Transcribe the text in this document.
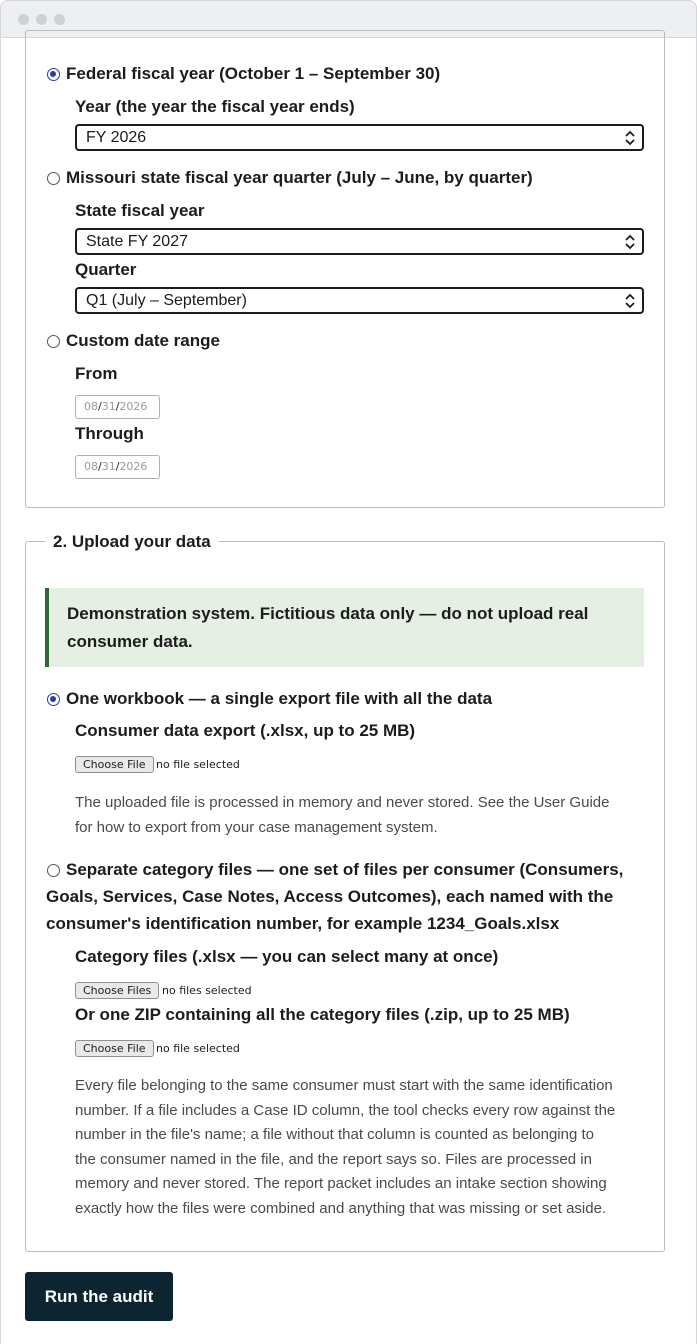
Federal fiscal year (October 1 – September 30)
Year (the year the fiscal year ends)
FY 2026
Missouri state fiscal year quarter (July – June, by quarter)
State fiscal year
State FY 2027
Quarter
Q1 (July – September)
Custom date range
From
08/31/2026
Through
08/31/2026
2. Upload your data
Demonstration system. Fictitious data only — do not upload real
consumer data.
One workbook — a single export file with all the data
Consumer data export (.xlsx, up to 25 MB)
Choose File no file selected
The uploaded file is processed in memory and never stored. See the User Guide
for how to export from your case management system.
Separate category files — one set of files per consumer (Consumers,
Goals, Services, Case Notes, Access Outcomes), each named with the
consumer's identification number, for example 1234_Goals.xlsx
Category files (.xlsx — you can select many at once)
Choose Files no files selected
Or one ZIP containing all the category files (.zip, up to 25 MB)
Choose File no file selected
Every file belonging to the same consumer must start with the same identification
number. If a file includes a Case ID column, the tool checks every row against the
number in the file's name; a file without that column is counted as belonging to
the consumer named in the file, and the report says so. Files are processed in
memory and never stored. The report packet includes an intake section showing
exactly how the files were combined and anything that was missing or set aside.
Run the audit
